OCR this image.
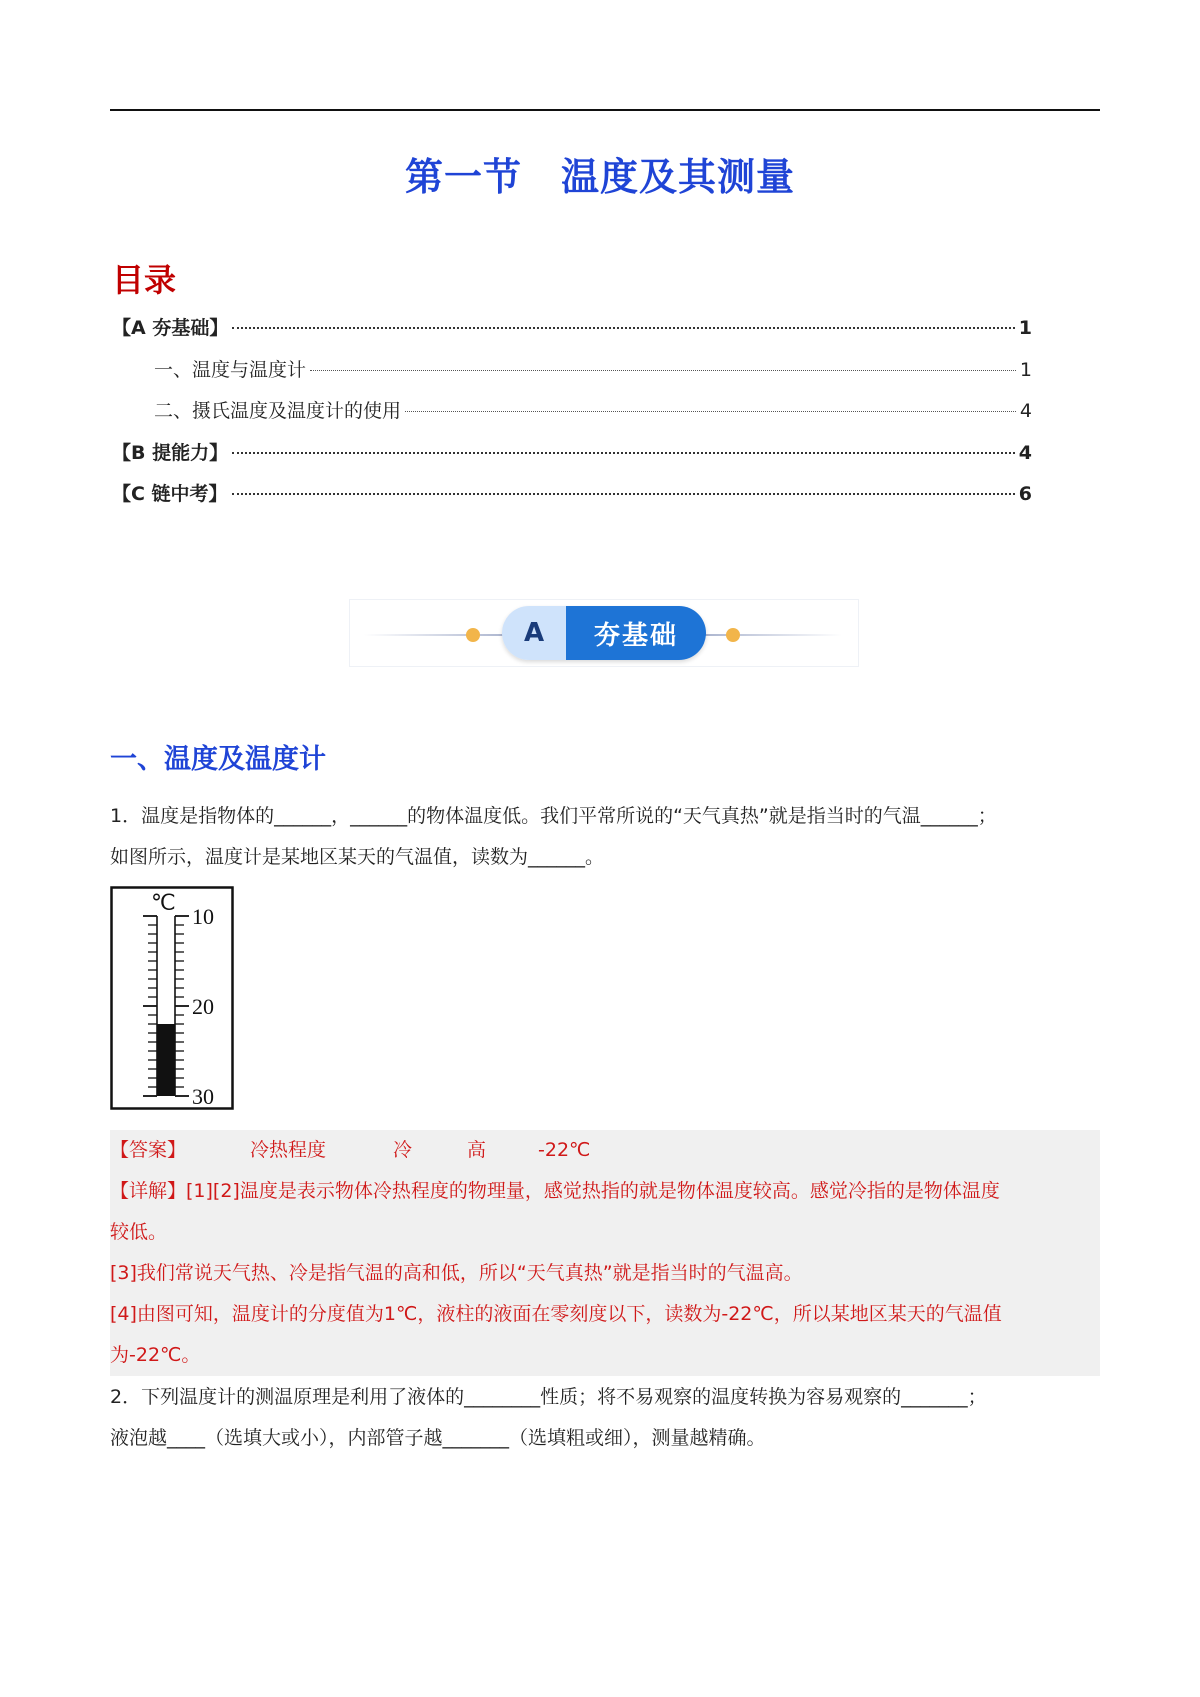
第一节　温度及其测量
目录
【A 夯基础】	1
一、温度与温度计	1
二、摄氏温度及温度计的使用	4
【B 提能力】	4
【C 链中考】	6
A	夯基础
一、温度及温度计
1．温度是指物体的______，______的物体温度低。我们平常所说的“天气真热”就是指当时的气温______；
如图所示，温度计是某地区某天的气温值，读数为______。
℃
10
20
30
【答案】	冷热程度	冷	高	-22℃
【详解】[1][2]温度是表示物体冷热程度的物理量，感觉热指的就是物体温度较高。感觉冷指的是物体温度
较低。
[3]我们常说天气热、冷是指气温的高和低，所以“天气真热”就是指当时的气温高。
[4]由图可知，温度计的分度值为1℃，液柱的液面在零刻度以下，读数为-22℃，所以某地区某天的气温值
为-22℃。
2．下列温度计的测温原理是利用了液体的________性质；将不易观察的温度转换为容易观察的_______；
液泡越____（选填大或小），内部管子越_______（选填粗或细），测量越精确。
